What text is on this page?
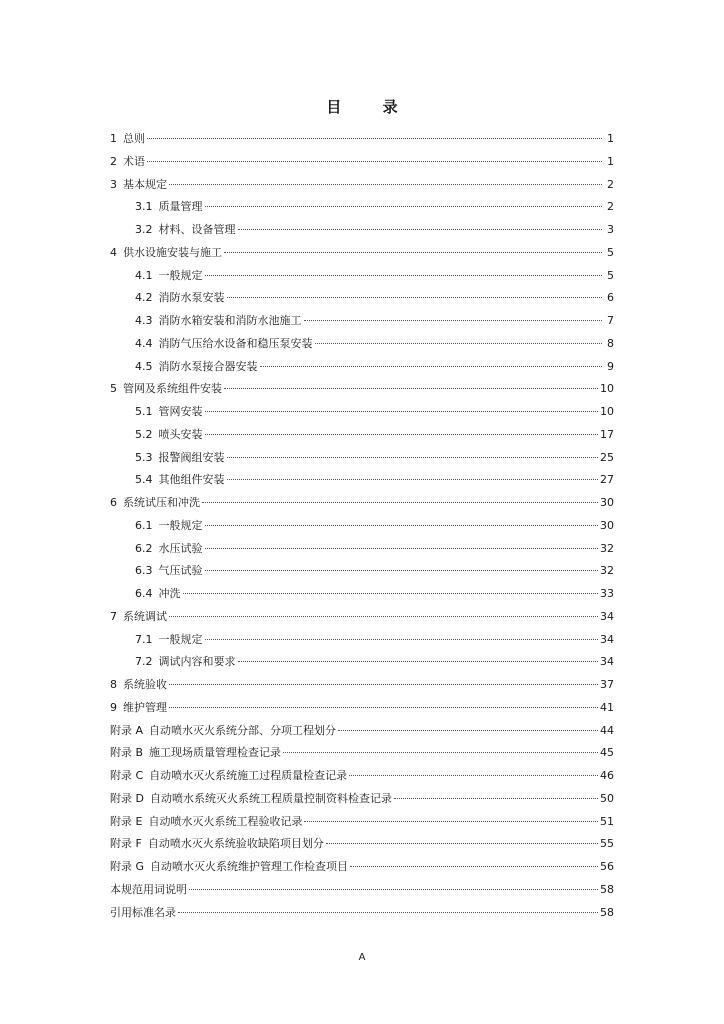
目 录
1 总则	1
2 术语	1
3 基本规定	2
3.1 质量管理	2
3.2 材料、设备管理	3
4 供水设施安装与施工	5
4.1 一般规定	5
4.2 消防水泵安装	6
4.3 消防水箱安装和消防水池施工	7
4.4 消防气压给水设备和稳压泵安装	8
4.5 消防水泵接合器安装	9
5 管网及系统组件安装	10
5.1 管网安装	10
5.2 喷头安装	17
5.3 报警阀组安装	25
5.4 其他组件安装	27
6 系统试压和冲洗	30
6.1 一般规定	30
6.2 水压试验	32
6.3 气压试验	32
6.4 冲洗	33
7 系统调试	34
7.1 一般规定	34
7.2 调试内容和要求	34
8 系统验收	37
9 维护管理	41
附录 A 自动喷水灭火系统分部、分项工程划分	44
附录 B 施工现场质量管理检查记录	45
附录 C 自动喷水灭火系统施工过程质量检查记录	46
附录 D 自动喷水系统灭火系统工程质量控制资料检查记录	50
附录 E 自动喷水灭火系统工程验收记录	51
附录 F 自动喷水灭火系统验收缺陷项目划分	55
附录 G 自动喷水灭火系统维护管理工作检查项目	56
本规范用词说明	58
引用标准名录	58
A
